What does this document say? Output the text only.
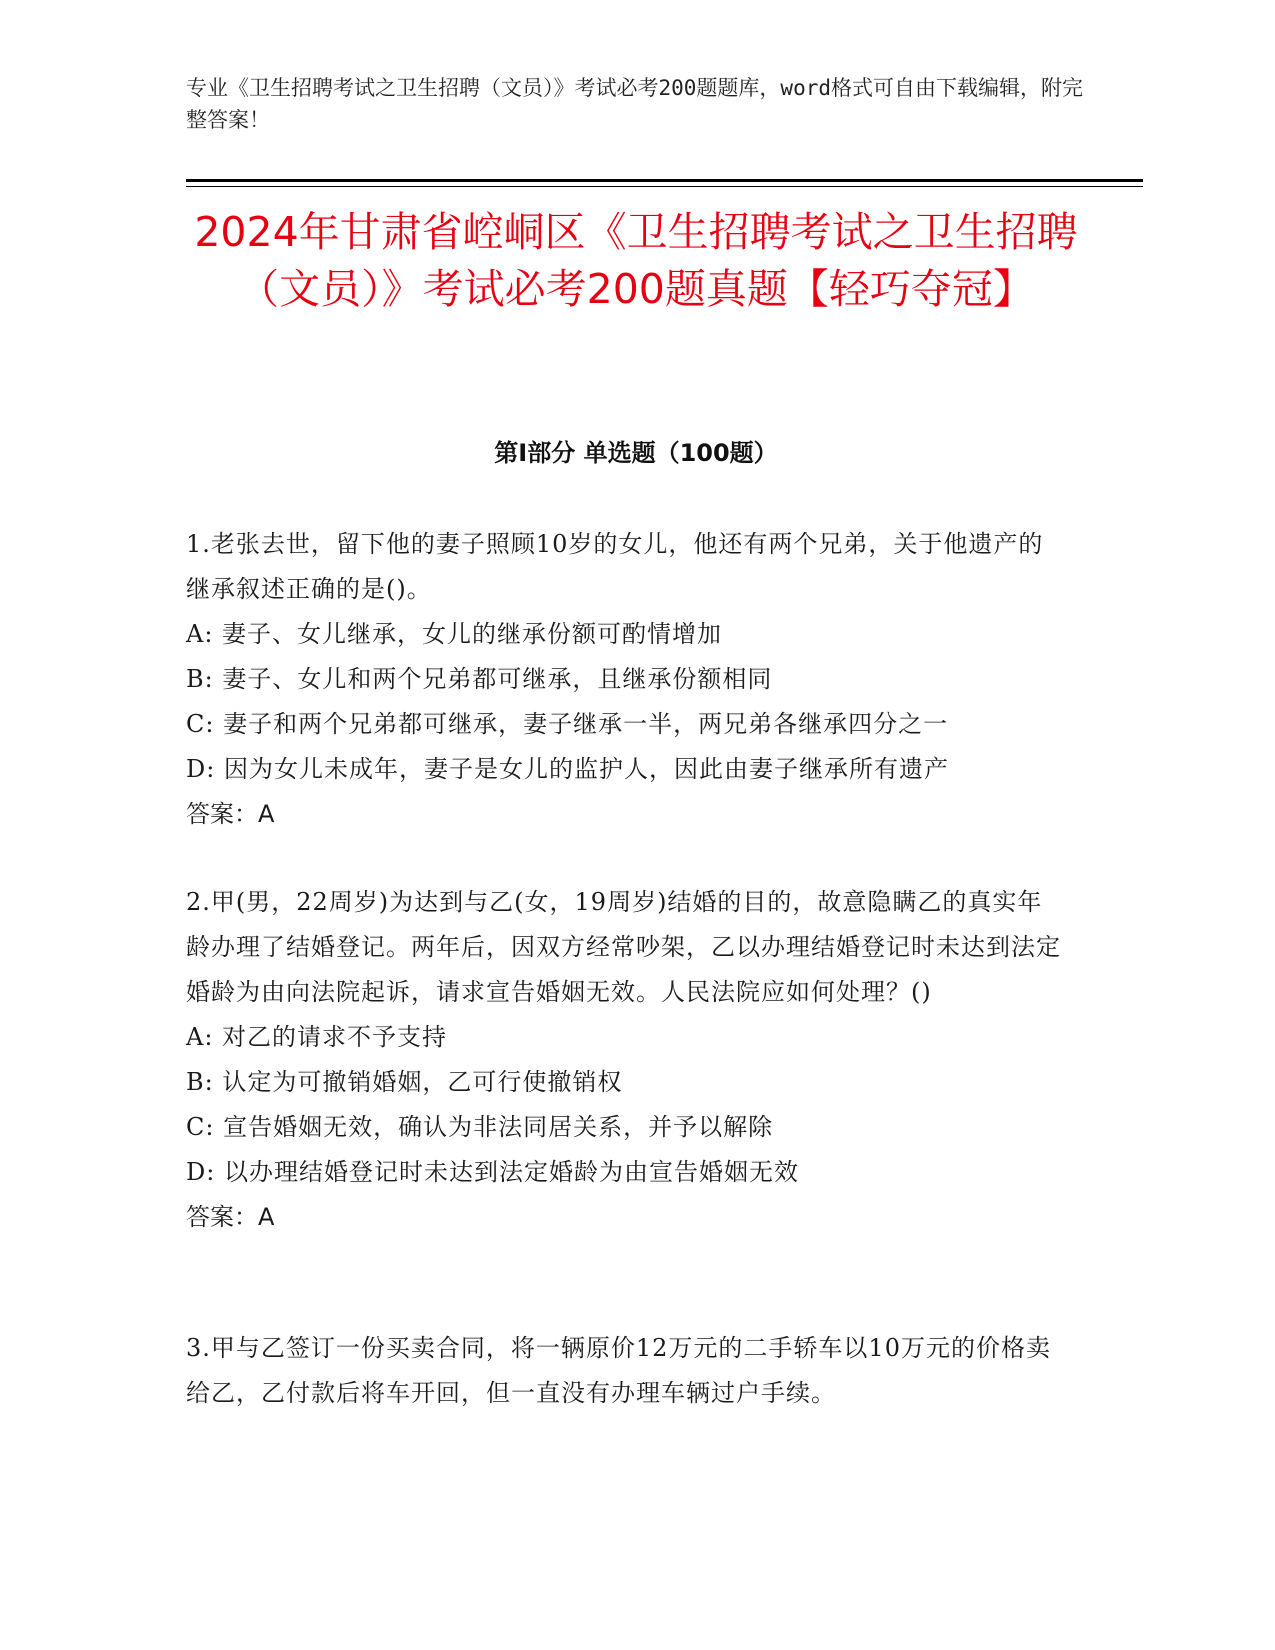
专业《卫生招聘考试之卫生招聘（文员）》考试必考200题题库，word格式可自由下载编辑，附完整答案！
2024年甘肃省崆峒区《卫生招聘考试之卫生招聘（文员）》考试必考200题真题【轻巧夺冠】
第Ⅰ部分 单选题（100题）
1.老张去世，留下他的妻子照顾10岁的女儿，他还有两个兄弟，关于他遗产的继承叙述正确的是()。
A: 妻子、女儿继承，女儿的继承份额可酌情增加
B: 妻子、女儿和两个兄弟都可继承，且继承份额相同
C: 妻子和两个兄弟都可继承，妻子继承一半，两兄弟各继承四分之一
D: 因为女儿未成年，妻子是女儿的监护人，因此由妻子继承所有遗产
答案：A
2.甲(男，22周岁)为达到与乙(女，19周岁)结婚的目的，故意隐瞒乙的真实年龄办理了结婚登记。两年后，因双方经常吵架，乙以办理结婚登记时未达到法定婚龄为由向法院起诉，请求宣告婚姻无效。人民法院应如何处理？()
A: 对乙的请求不予支持
B: 认定为可撤销婚姻，乙可行使撤销权
C: 宣告婚姻无效，确认为非法同居关系，并予以解除
D: 以办理结婚登记时未达到法定婚龄为由宣告婚姻无效
答案：A
3.甲与乙签订一份买卖合同，将一辆原价12万元的二手轿车以10万元的价格卖给乙，乙付款后将车开回，但一直没有办理车辆过户手续。
